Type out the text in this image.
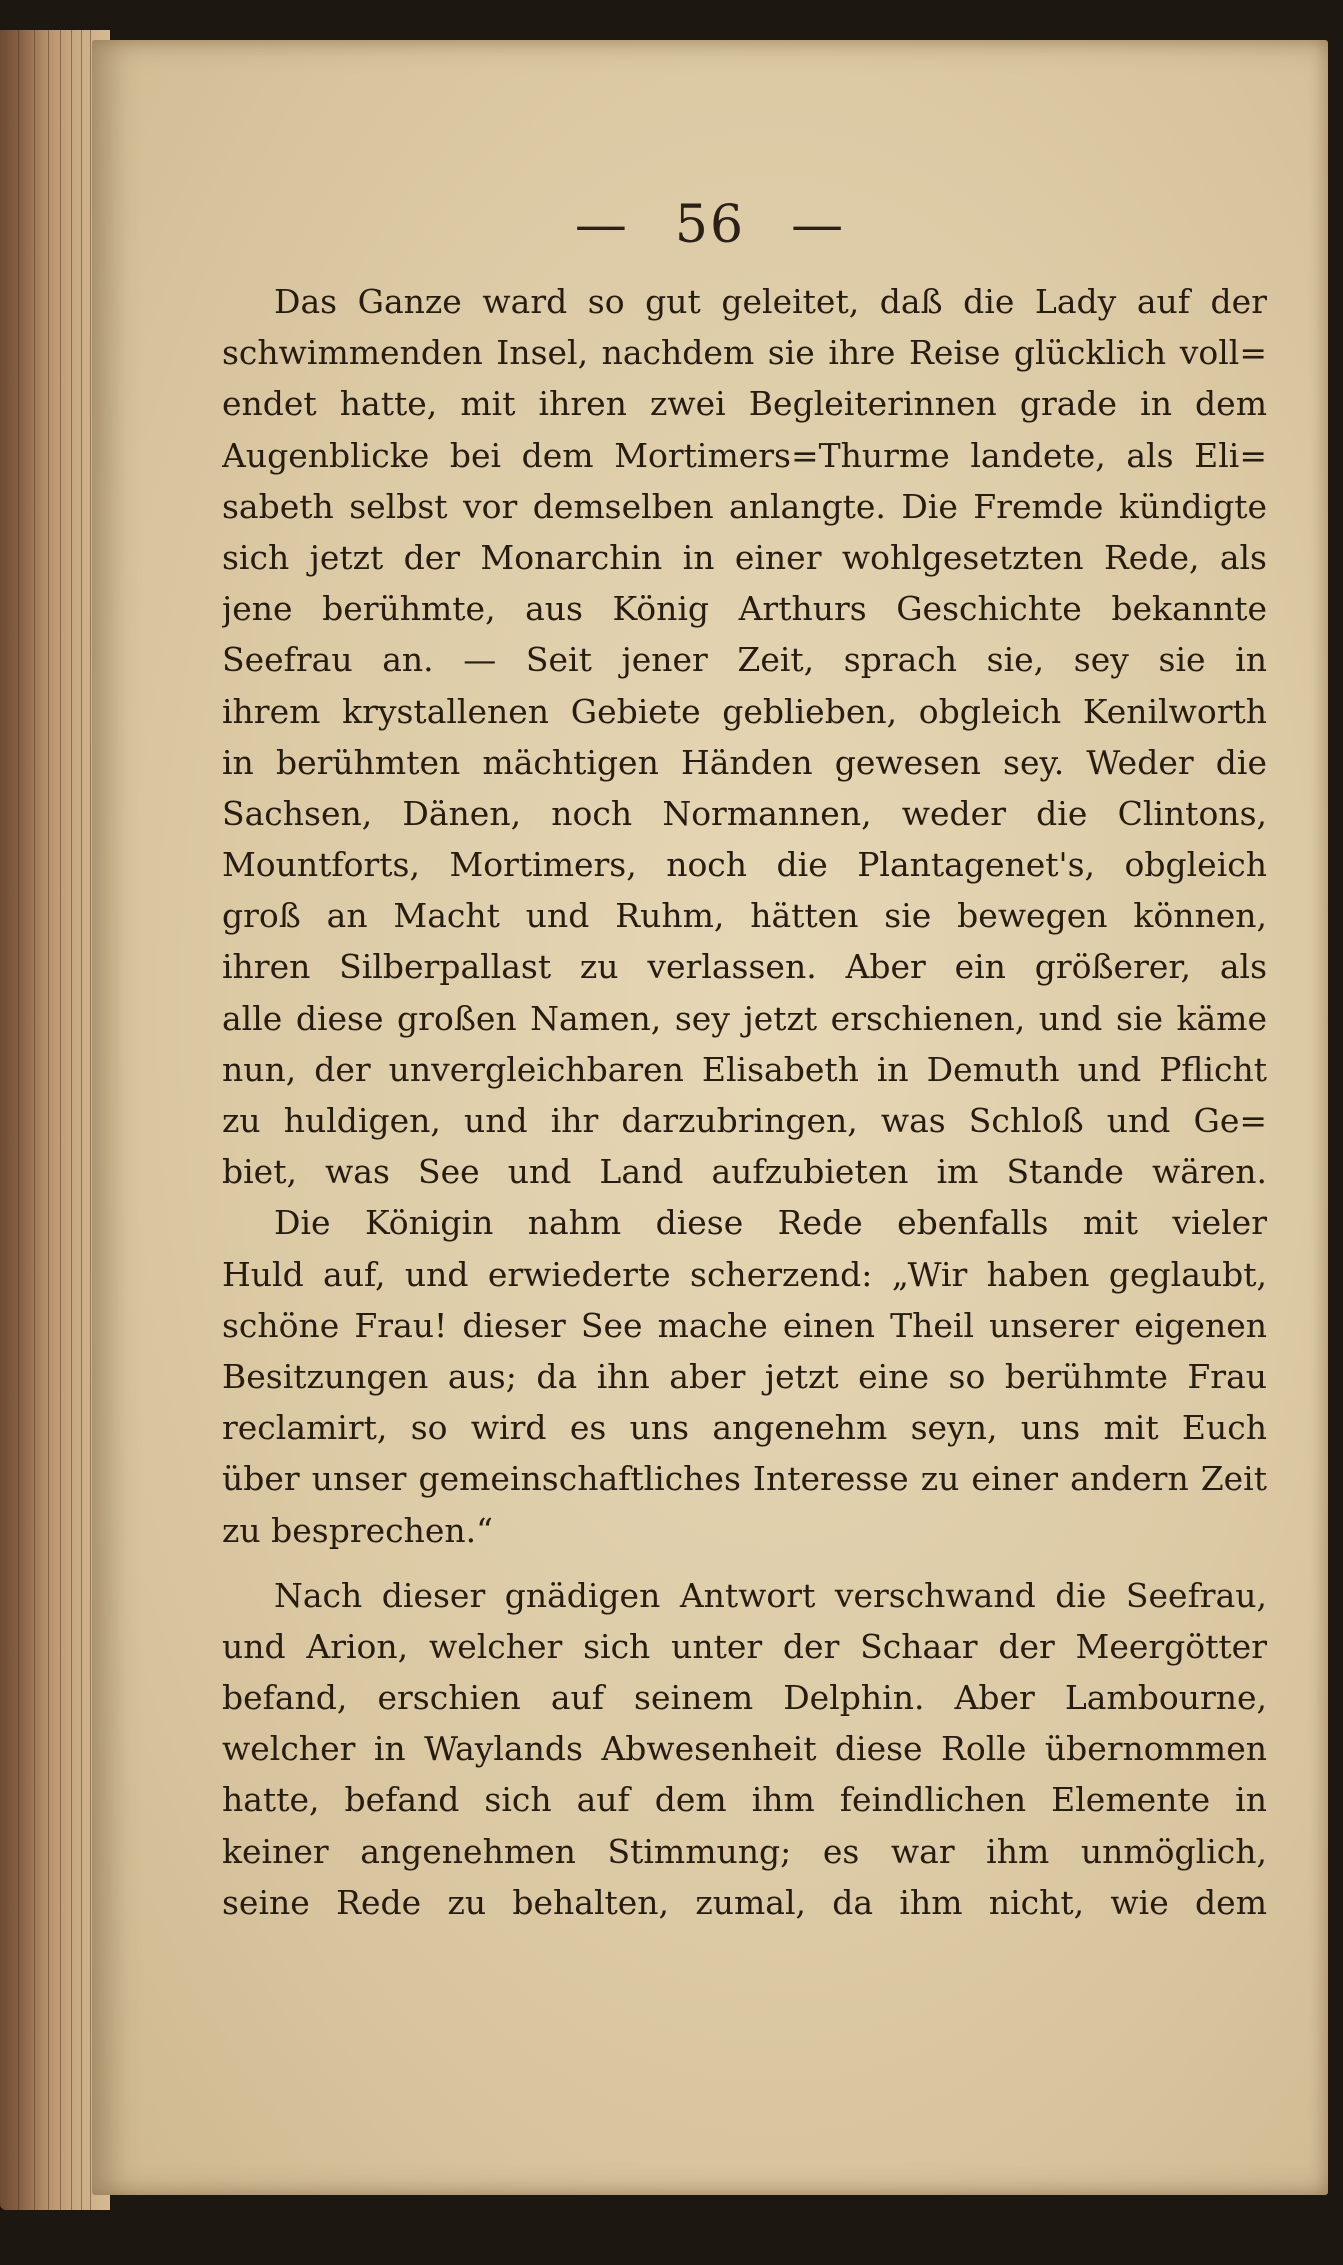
— 56 —
Das Ganze ward so gut geleitet, daß die Lady auf der
schwimmenden Insel, nachdem sie ihre Reise glücklich voll=
endet hatte, mit ihren zwei Begleiterinnen grade in dem
Augenblicke bei dem Mortimers=Thurme landete, als Eli=
sabeth selbst vor demselben anlangte. Die Fremde kündigte
sich jetzt der Monarchin in einer wohlgesetzten Rede, als
jene berühmte, aus König Arthurs Geschichte bekannte
Seefrau an. — Seit jener Zeit, sprach sie, sey sie in
ihrem krystallenen Gebiete geblieben, obgleich Kenilworth
in berühmten mächtigen Händen gewesen sey. Weder die
Sachsen, Dänen, noch Normannen, weder die Clintons,
Mountforts, Mortimers, noch die Plantagenet's, obgleich
groß an Macht und Ruhm, hätten sie bewegen können,
ihren Silberpallast zu verlassen. Aber ein größerer, als
alle diese großen Namen, sey jetzt erschienen, und sie käme
nun, der unvergleichbaren Elisabeth in Demuth und Pflicht
zu huldigen, und ihr darzubringen, was Schloß und Ge=
biet, was See und Land aufzubieten im Stande wären.
Die Königin nahm diese Rede ebenfalls mit vieler
Huld auf, und erwiederte scherzend: „Wir haben geglaubt,
schöne Frau! dieser See mache einen Theil unserer eigenen
Besitzungen aus; da ihn aber jetzt eine so berühmte Frau
reclamirt, so wird es uns angenehm seyn, uns mit Euch
über unser gemeinschaftliches Interesse zu einer andern Zeit
zu besprechen.“
Nach dieser gnädigen Antwort verschwand die Seefrau,
und Arion, welcher sich unter der Schaar der Meergötter
befand, erschien auf seinem Delphin. Aber Lambourne,
welcher in Waylands Abwesenheit diese Rolle übernommen
hatte, befand sich auf dem ihm feindlichen Elemente in
keiner angenehmen Stimmung; es war ihm unmöglich,
seine Rede zu behalten, zumal, da ihm nicht, wie dem
